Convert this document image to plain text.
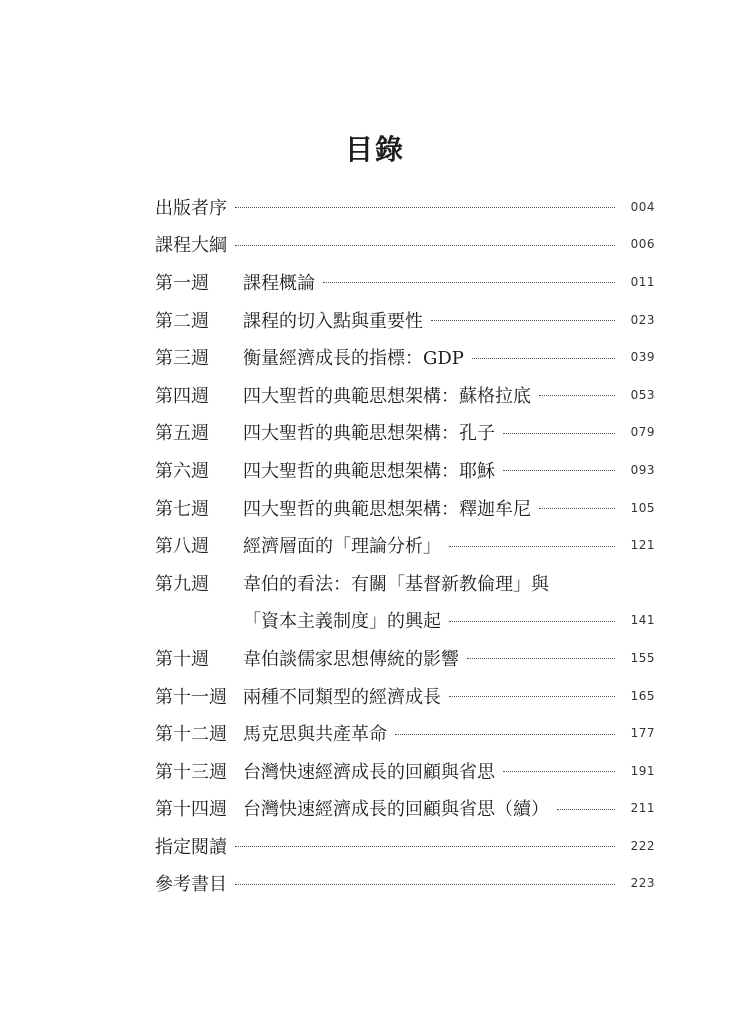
目錄
出版者序	004
課程大綱	006
第一週	課程概論	011
第二週	課程的切入點與重要性	023
第三週	衡量經濟成長的指標：GDP	039
第四週	四大聖哲的典範思想架構：蘇格拉底	053
第五週	四大聖哲的典範思想架構：孔子	079
第六週	四大聖哲的典範思想架構：耶穌	093
第七週	四大聖哲的典範思想架構：釋迦牟尼	105
第八週	經濟層面的「理論分析」	121
第九週	韋伯的看法：有關「基督新教倫理」與
「資本主義制度」的興起	141
第十週	韋伯談儒家思想傳統的影響	155
第十一週 兩種不同類型的經濟成長	165
第十二週 馬克思與共產革命	177
第十三週 台灣快速經濟成長的回顧與省思	191
第十四週 台灣快速經濟成長的回顧與省思（續）	211
指定閱讀	222
參考書目	223
